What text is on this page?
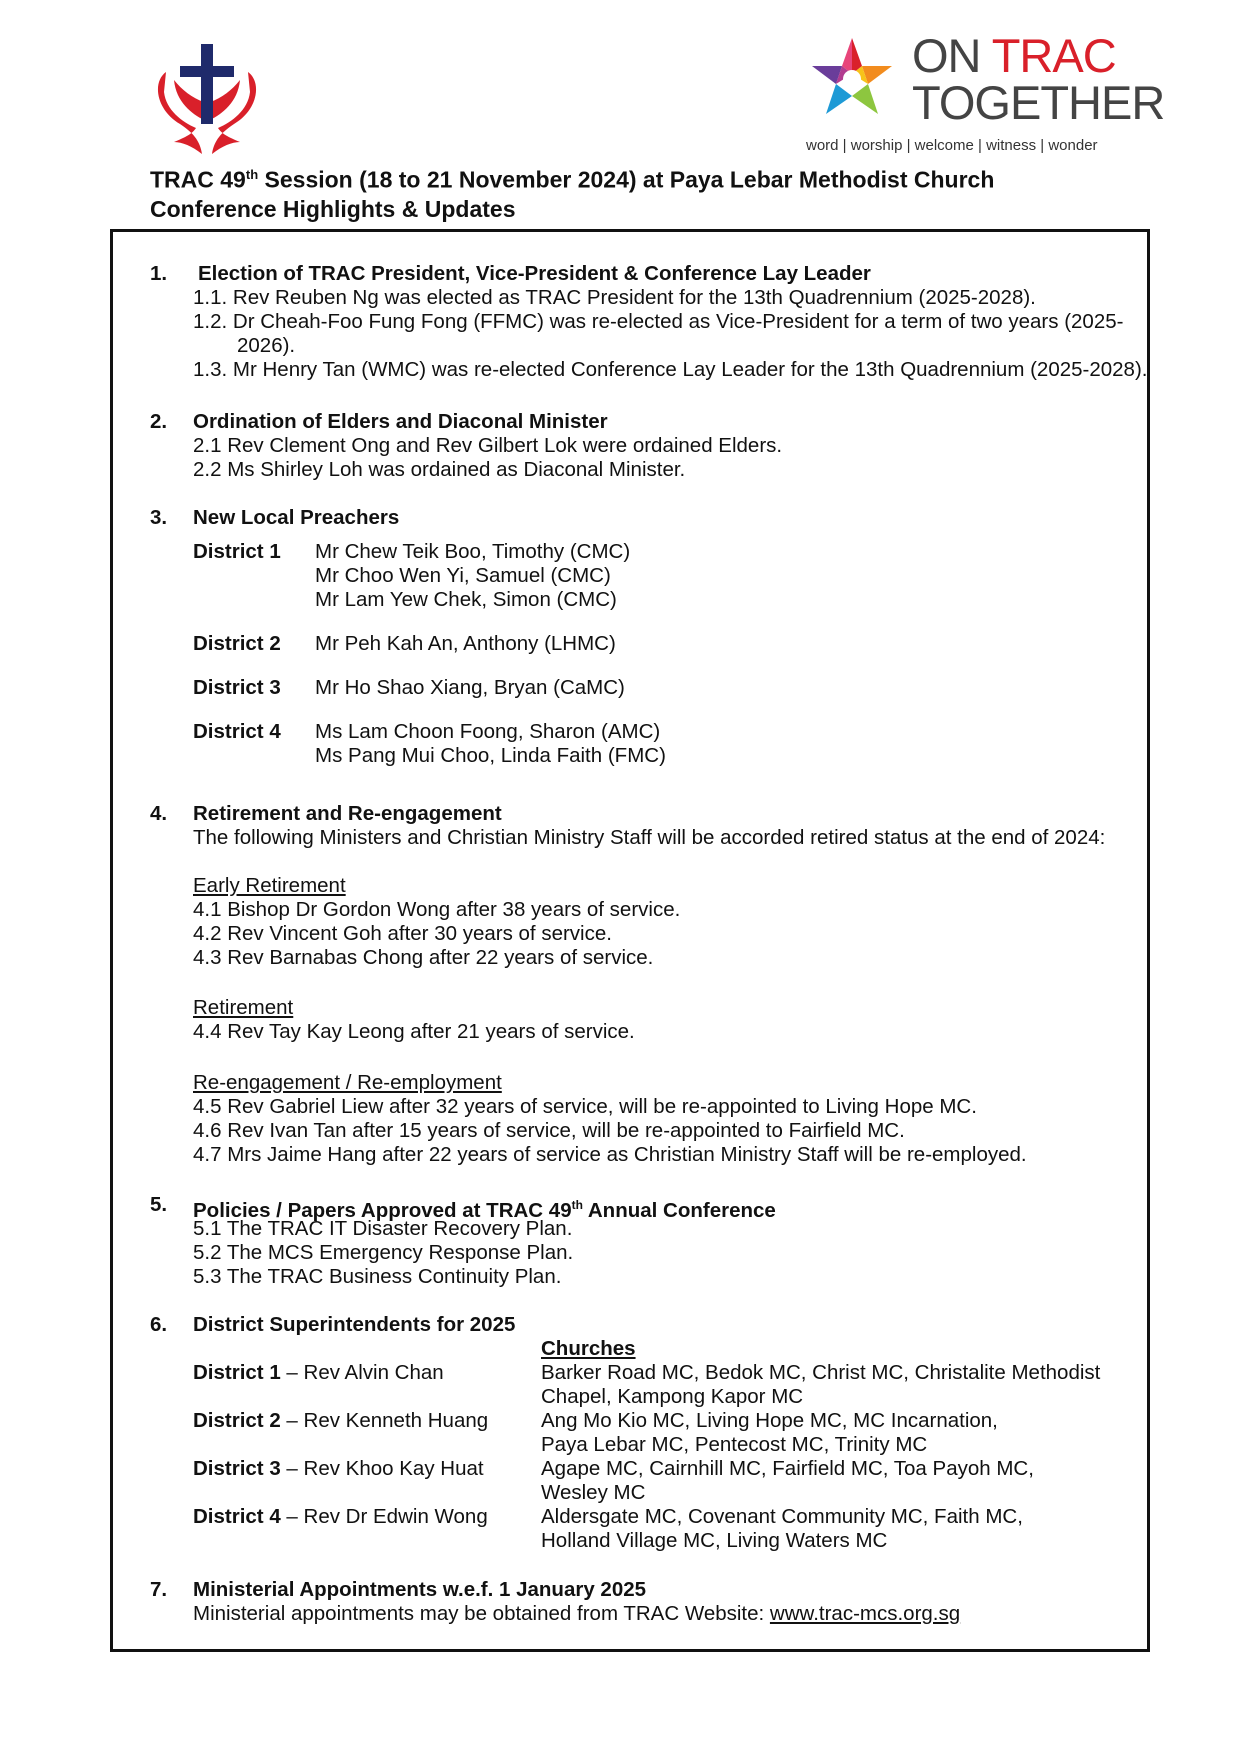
ON TRAC
TOGETHER
word | worship | welcome | witness | wonder
TRAC 49th Session (18 to 21 November 2024) at Paya Lebar Methodist Church
Conference Highlights & Updates
1. Election of TRAC President, Vice-President & Conference Lay Leader
1.1. Rev Reuben Ng was elected as TRAC President for the 13th Quadrennium (2025-2028).
1.2. Dr Cheah-Foo Fung Fong (FFMC) was re-elected as Vice-President for a term of two years (2025-
2026).
1.3. Mr Henry Tan (WMC) was re-elected Conference Lay Leader for the 13th Quadrennium (2025-2028).
2. Ordination of Elders and Diaconal Minister
2.1 Rev Clement Ong and Rev Gilbert Lok were ordained Elders.
2.2 Ms Shirley Loh was ordained as Diaconal Minister.
3. New Local Preachers
District 1 Mr Chew Teik Boo, Timothy (CMC)
Mr Choo Wen Yi, Samuel (CMC)
Mr Lam Yew Chek, Simon (CMC)
District 2 Mr Peh Kah An, Anthony (LHMC)
District 3 Mr Ho Shao Xiang, Bryan (CaMC)
District 4 Ms Lam Choon Foong, Sharon (AMC)
Ms Pang Mui Choo, Linda Faith (FMC)
4. Retirement and Re-engagement
The following Ministers and Christian Ministry Staff will be accorded retired status at the end of 2024:
Early Retirement
4.1 Bishop Dr Gordon Wong after 38 years of service.
4.2 Rev Vincent Goh after 30 years of service.
4.3 Rev Barnabas Chong after 22 years of service.
Retirement
4.4 Rev Tay Kay Leong after 21 years of service.
Re-engagement / Re-employment
4.5 Rev Gabriel Liew after 32 years of service, will be re-appointed to Living Hope MC.
4.6 Rev Ivan Tan after 15 years of service, will be re-appointed to Fairfield MC.
4.7 Mrs Jaime Hang after 22 years of service as Christian Ministry Staff will be re-employed.
5. Policies / Papers Approved at TRAC 49th Annual Conference
5.1 The TRAC IT Disaster Recovery Plan.
5.2 The MCS Emergency Response Plan.
5.3 The TRAC Business Continuity Plan.
6. District Superintendents for 2025
Churches
District 1 – Rev Alvin Chan	Barker Road MC, Bedok MC, Christ MC, Christalite Methodist
Chapel, Kampong Kapor MC
District 2 – Rev Kenneth Huang	Ang Mo Kio MC, Living Hope MC, MC Incarnation,
Paya Lebar MC, Pentecost MC, Trinity MC
District 3 – Rev Khoo Kay Huat	Agape MC, Cairnhill MC, Fairfield MC, Toa Payoh MC,
Wesley MC
District 4 – Rev Dr Edwin Wong	Aldersgate MC, Covenant Community MC, Faith MC,
Holland Village MC, Living Waters MC
7. Ministerial Appointments w.e.f. 1 January 2025
Ministerial appointments may be obtained from TRAC Website: www.trac-mcs.org.sg
